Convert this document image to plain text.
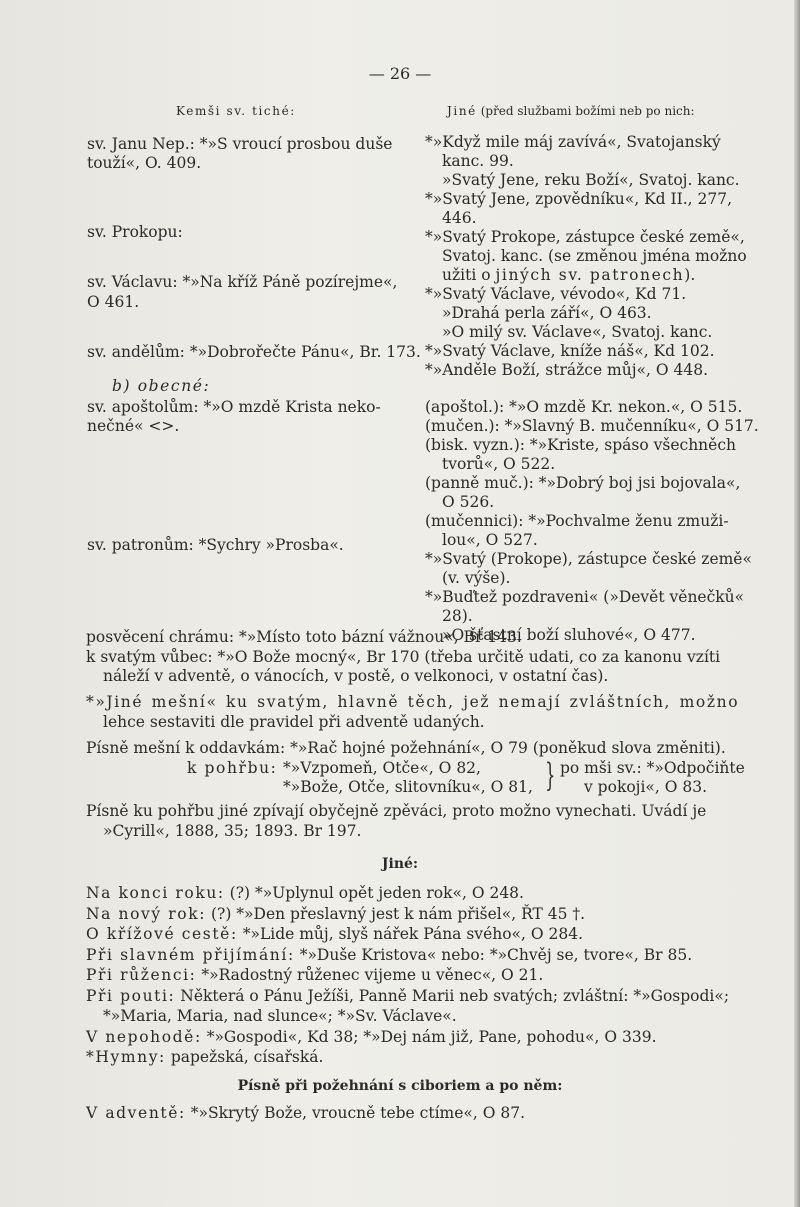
— 26 —
Kemši sv. tiché:	Jiné (před službami božími neb po nich:
sv. Janu Nep.: *»S vroucí prosbou duše
touží«, O. 409.
sv. Prokopu:
sv. Václavu: *»Na kříž Páně pozírejme«,
O 461.
sv. andělům: *»Dobrořečte Pánu«, Br. 173.
b) obecné:
sv. apoštolům: *»O mzdě Krista neko-
nečné« <>.
sv. patronům: *Sychry »Prosba«.
*»Když mile máj zavívá«, Svatojanský
kanc. 99.
»Svatý Jene, reku Boží«, Svatoj. kanc.
*»Svatý Jene, zpovědníku«, Kd II., 277,
446.
*»Svatý Prokope, zástupce české země«,
Svatoj. kanc. (se změnou jména možno
užiti o jiných sv. patronech).
*»Svatý Václave, vévodo«, Kd 71.
»Drahá perla září«, O 463.
»O milý sv. Václave«, Svatoj. kanc.
*»Svatý Václave, kníže náš«, Kd 102.
*»Anděle Boží, strážce můj«, O 448.
(apoštol.): *»O mzdě Kr. nekon.«, O 515.
(mučen.): *»Slavný B. mučenníku«, O 517.
(bisk. vyzn.): *»Kriste, spáso všechněch
tvorů«, O 522.
(panně muč.): *»Dobrý boj jsi bojovala«,
O 526.
(mučennici): *»Pochvalme ženu zmuži-
lou«, O 527.
*»Svatý (Prokope), zástupce české země«
(v. výše).
*»Buďtež pozdraveni« (»Devět věnečků«
28).
»O šťastní boží sluhové«, O 477.

posvěcení chrámu: *»Místo toto bázní vážnou«, Br 143.

k svatým vůbec: *»O Bože mocný«, Br 170 (třeba určitě udati, co za kanonu vzíti náleží v adventě, o vánocích, v postě, o velkonoci, v ostatní čas).

*»Jiné mešní« ku svatým, hlavně těch, jež nemají zvláštních, možno

lehce sestaviti dle pravidel při adventě udaných.

Písně mešní k oddavkám: *»Rač hojné požehnání«, O 79 (poněkud slova změniti).

k pohřbu: *»Vzpomeň, Otče«, O 82,
*»Bože, Otče, slitovníku«, O 81, } po mši sv.: *»Odpočiňte
v pokoji«, O 83.

Písně ku pohřbu jiné zpívají obyčejně zpěváci, proto možno vynechati. Uvádí je »Cyrill«, 1888, 35; 1893. Br 197.

Jiné:

Na konci roku: (?) *»Uplynul opět jeden rok«, O 248.

Na nový rok: (?) *»Den přeslavný jest k nám přišel«, ŘT 45 †.

O křížové cestě: *»Lide můj, slyš nářek Pána svého«, O 284.

Při slavném přijímání: *»Duše Kristova« nebo: *»Chvěj se, tvore«, Br 85.

Při růženci: *»Radostný růženec vijeme u věnec«, O 21.

Při pouti: Některá o Pánu Ježíši, Panně Marii neb svatých; zvláštní: *»Gospodi«; *»Maria, Maria, nad slunce«; *»Sv. Václave«.

V nepohodě: *»Gospodi«, Kd 38; *»Dej nám již, Pane, pohodu«, O 339.

*Hymny: papežská, císařská.

Písně při požehnání s ciboriem a po něm:

V adventě: *»Skrytý Bože, vroucně tebe ctíme«, O 87.
